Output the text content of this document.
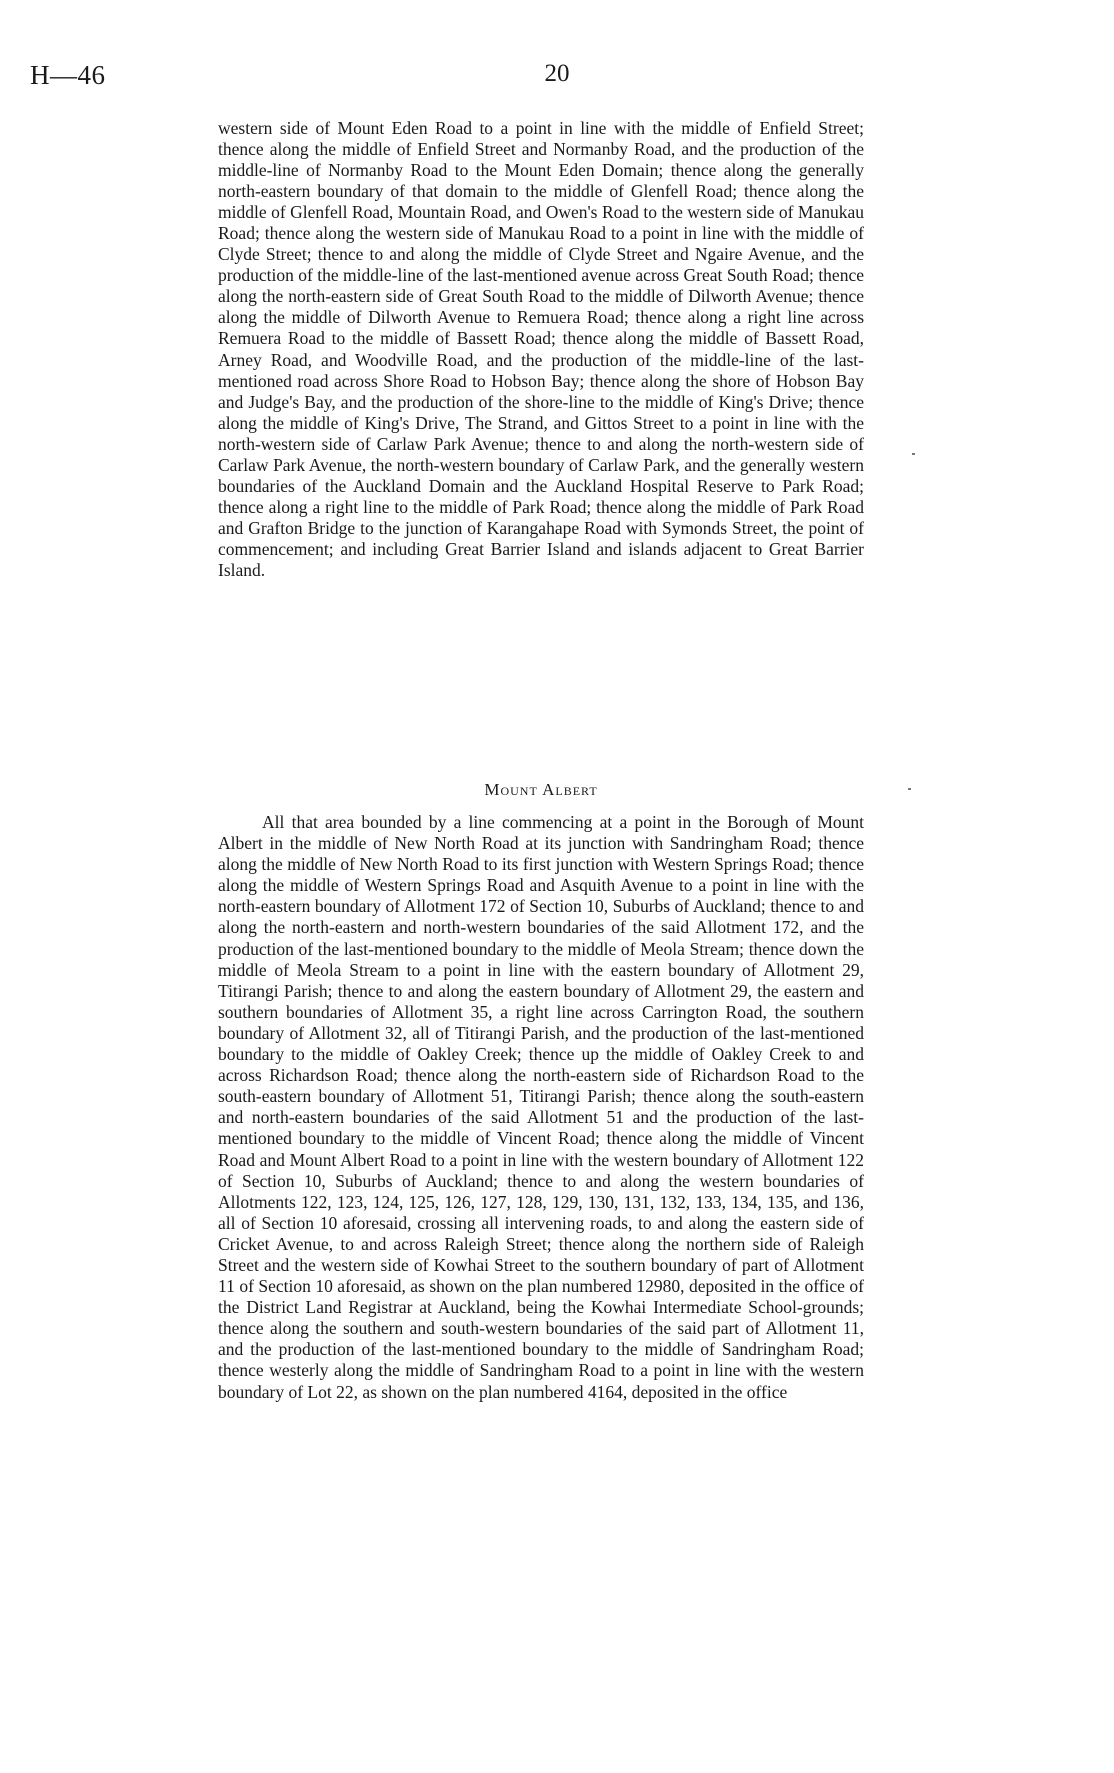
H—46	20

western side of Mount Eden Road to a point in line with the middle of Enfield Street; thence along the middle of Enfield Street and Normanby Road, and the production of the middle-line of Normanby Road to the Mount Eden Domain; thence along the generally north-eastern boundary of that domain to the middle of Glenfell Road; thence along the middle of Glenfell Road, Mountain Road, and Owen's Road to the western side of Manukau Road; thence along the western side of Manukau Road to a point in line with the middle of Clyde Street; thence to and along the middle of Clyde Street and Ngaire Avenue, and the production of the middle-line of the last-mentioned avenue across Great South Road; thence along the north-eastern side of Great South Road to the middle of Dilworth Avenue; thence along the middle of Dilworth Avenue to Remuera Road; thence along a right line across Remuera Road to the middle of Bassett Road; thence along the middle of Bassett Road, Arney Road, and Woodville Road, and the production of the middle-line of the last-mentioned road across Shore Road to Hobson Bay; thence along the shore of Hobson Bay and Judge's Bay, and the production of the shore-line to the middle of King's Drive; thence along the middle of King's Drive, The Strand, and Gittos Street to a point in line with the north-western side of Carlaw Park Avenue; thence to and along the north-western side of Carlaw Park Avenue, the north-western boundary of Carlaw Park, and the generally western boundaries of the Auckland Domain and the Auckland Hospital Reserve to Park Road; thence along a right line to the middle of Park Road; thence along the middle of Park Road and Grafton Bridge to the junction of Karangahape Road with Symonds Street, the point of commencement; and including Great Barrier Island and islands adjacent to Great Barrier Island.

Mount Albert

All that area bounded by a line commencing at a point in the Borough of Mount Albert in the middle of New North Road at its junction with Sandringham Road; thence along the middle of New North Road to its first junction with Western Springs Road; thence along the middle of Western Springs Road and Asquith Avenue to a point in line with the north-eastern boundary of Allotment 172 of Section 10, Suburbs of Auckland; thence to and along the north-eastern and north-western boundaries of the said Allotment 172, and the production of the last-mentioned boundary to the middle of Meola Stream; thence down the middle of Meola Stream to a point in line with the eastern boundary of Allotment 29, Titirangi Parish; thence to and along the eastern boundary of Allotment 29, the eastern and southern boundaries of Allotment 35, a right line across Carrington Road, the southern boundary of Allotment 32, all of Titirangi Parish, and the production of the last-mentioned boundary to the middle of Oakley Creek; thence up the middle of Oakley Creek to and across Richardson Road; thence along the north-eastern side of Richardson Road to the south-eastern boundary of Allotment 51, Titirangi Parish; thence along the south-eastern and north-eastern boundaries of the said Allotment 51 and the production of the last-mentioned boundary to the middle of Vincent Road; thence along the middle of Vincent Road and Mount Albert Road to a point in line with the western boundary of Allotment 122 of Section 10, Suburbs of Auckland; thence to and along the western boundaries of Allotments 122, 123, 124, 125, 126, 127, 128, 129, 130, 131, 132, 133, 134, 135, and 136, all of Section 10 aforesaid, crossing all intervening roads, to and along the eastern side of Cricket Avenue, to and across Raleigh Street; thence along the northern side of Raleigh Street and the western side of Kowhai Street to the southern boundary of part of Allotment 11 of Section 10 aforesaid, as shown on the plan numbered 12980, deposited in the office of the District Land Registrar at Auckland, being the Kowhai Intermediate School-grounds; thence along the southern and south-western boundaries of the said part of Allotment 11, and the production of the last-mentioned boundary to the middle of Sandringham Road; thence westerly along the middle of Sandringham Road to a point in line with the western boundary of Lot 22, as shown on the plan numbered 4164, deposited in the office
